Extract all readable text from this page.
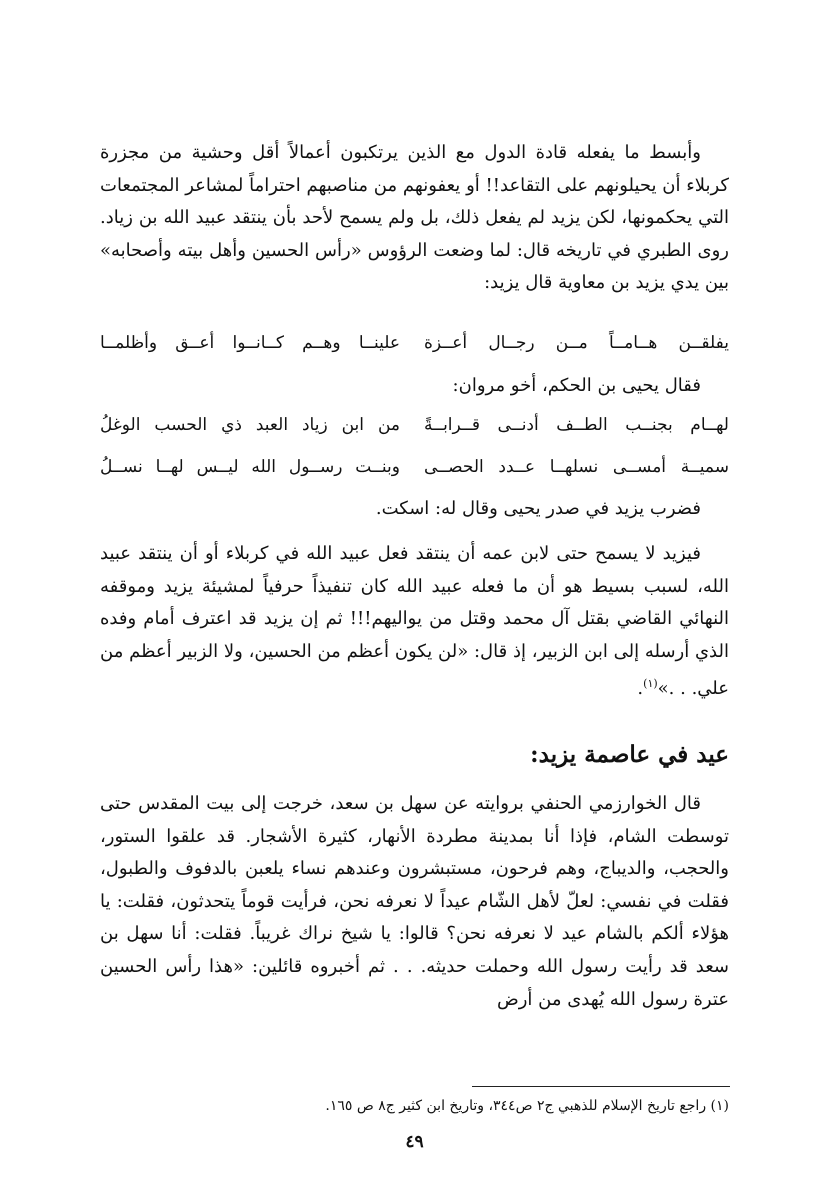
وأبسط ما يفعله قادة الدول مع الذين يرتكبون أعمالاً أقل وحشية من مجزرة كربلاء أن يحيلونهم على التقاعد!! أو يعفونهم من مناصبهم احتراماً لمشاعر المجتمعات التي يحكمونها، لكن يزيد لم يفعل ذلك، بل ولم يسمح لأحد بأن ينتقد عبيد الله بن زياد. روى الطبري في تاريخه قال: لما وضعت الرؤوس «رأس الحسين وأهل بيته وأصحابه» بين يدي يزيد بن معاوية قال يزيد:

يفلقــن هــامــاً مــن رجــال أعــزة
علينــا وهــم كــانــوا أعــق وأظلمــا

فقال يحيى بن الحكم، أخو مروان:

لهــام بجنــب الطــف أدنــى قــرابــةً
من ابن زياد العبد ذي الحسب الوغلُ
سميــة أمســى نسلهــا عــدد الحصــى
وبنــت رســول الله ليــس لهــا نســلُ

فضرب يزيد في صدر يحيى وقال له: اسكت.

فيزيد لا يسمح حتى لابن عمه أن ينتقد فعل عبيد الله في كربلاء أو أن ينتقد عبيد الله، لسبب بسيط هو أن ما فعله عبيد الله كان تنفيذاً حرفياً لمشيئة يزيد وموقفه النهائي القاضي بقتل آل محمد وقتل من يواليهم!!! ثم إن يزيد قد اعترف أمام وفده الذي أرسله إلى ابن الزبير، إذ قال: «لن يكون أعظم من الحسين، ولا الزبير أعظم من علي. . .»$^{(١)}$.

عيد في عاصمة يزيد:

قال الخوارزمي الحنفي بروايته عن سهل بن سعد، خرجت إلى بيت المقدس حتى توسطت الشام، فإذا أنا بمدينة مطردة الأنهار، كثيرة الأشجار. قد علقوا الستور، والحجب، والديباج، وهم فرحون، مستبشرون وعندهم نساء يلعبن بالدفوف والطبول، فقلت في نفسي: لعلّ لأهل الشّام عيداً لا نعرفه نحن، فرأيت قوماً يتحدثون، فقلت: يا هؤلاء ألكم بالشام عيد لا نعرفه نحن؟ قالوا: يا شيخ نراك غريباً. فقلت: أنا سهل بن سعد قد رأيت رسول الله وحملت حديثه. . . ثم أخبروه قائلين: «هذا رأس الحسين عترة رسول الله يُهدى من أرض

(١) راجع تاريخ الإسلام للذهبي ج٢ ص٣٤٤، وتاريخ ابن كثير ج٨ ص ١٦٥.
٤٩
